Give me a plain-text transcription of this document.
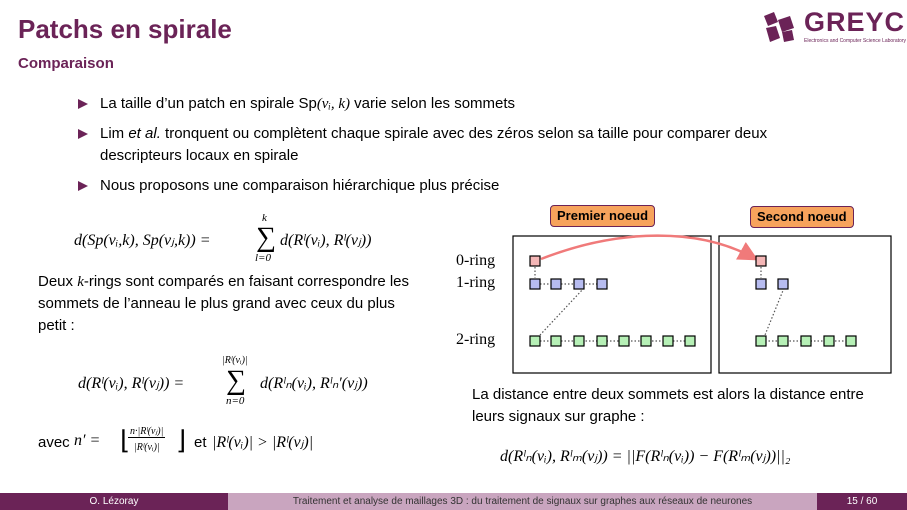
Patchs en spirale
Comparaison
GREYC
Electronics and Computer Science Laboratory
La taille d’un patch en spirale Sp(vᵢ, k) varie selon les sommets
Lim et al. tronquent ou complètent chaque spirale avec des zéros selon sa taille pour comparer deux descripteurs locaux en spirale
Nous proposons une comparaison hiérarchique plus précise
d(Sp(vᵢ,k), Sp(vⱼ,k)) = ∑
k
l=0
d(Rˡ(vᵢ), Rˡ(vⱼ))
Deux k-rings sont comparés en faisant correspondre les sommets de l’anneau le plus grand avec ceux du plus petit :
d(Rˡ(vᵢ), Rˡ(vⱼ)) =
|Rˡ(vᵢ)|
∑
n=0
d(Rˡₙ(vᵢ), Rˡₙ′(vⱼ))
avec n′ = ⌊ n·|Rˡ(vⱼ)|
|Rˡ(vᵢ)| ⌋ et |Rˡ(vᵢ)| > |Rˡ(vⱼ)|
Premier noeud	Second noeud
0-ring
1-ring
2-ring
La distance entre deux sommets est alors la distance entre leurs signaux sur graphe :
d(Rˡₙ(vᵢ), Rˡₘ(vⱼ)) = ||F(Rˡₙ(vᵢ)) − F(Rˡₘ(vⱼ))||₂
O. Lézoray	Traitement et analyse de maillages 3D : du traitement de signaux sur graphes aux réseaux de neurones	15 / 60
